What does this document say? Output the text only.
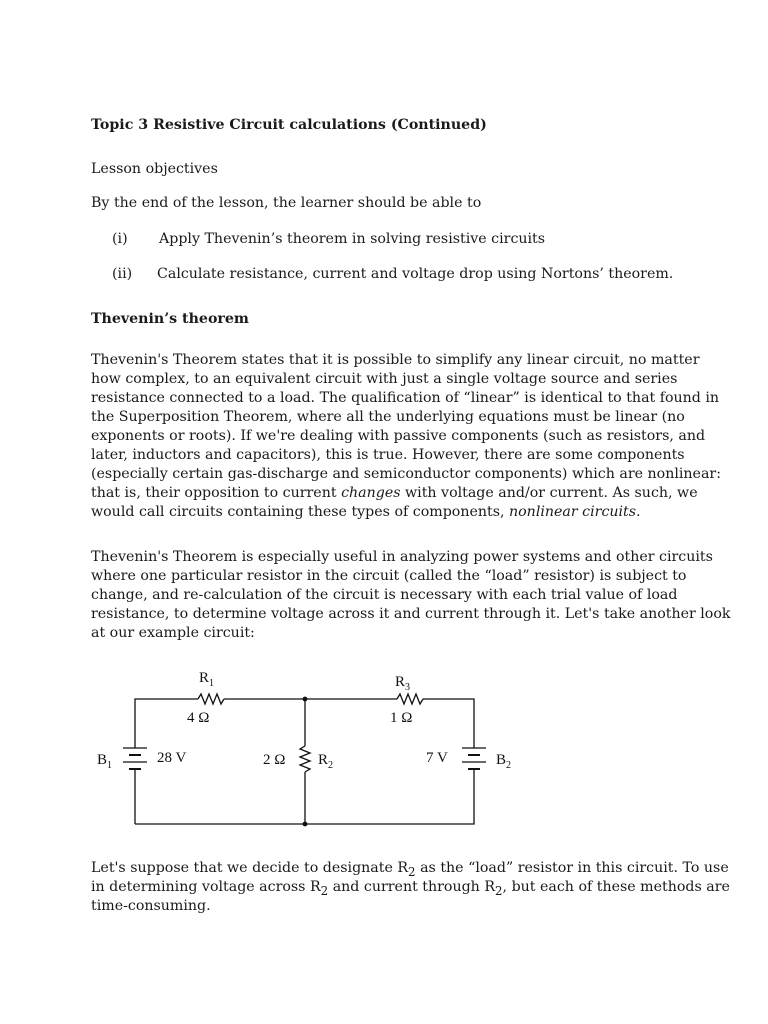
Topic 3 Resistive Circuit calculations (Continued)
Lesson objectives
By the end of the lesson, the learner should be able to
(i) Apply Thevenin’s theorem in solving resistive circuits
(ii) Calculate resistance, current and voltage drop using Nortons’ theorem.
Thevenin’s theorem
Thevenin's Theorem states that it is possible to simplify any linear circuit, no matter
how complex, to an equivalent circuit with just a single voltage source and series
resistance connected to a load. The qualification of “linear” is identical to that found in
the Superposition Theorem, where all the underlying equations must be linear (no
exponents or roots). If we're dealing with passive components (such as resistors, and
later, inductors and capacitors), this is true. However, there are some components
(especially certain gas-discharge and semiconductor components) which are nonlinear:
that is, their opposition to current changes with voltage and/or current. As such, we
would call circuits containing these types of components, nonlinear circuits.
Thevenin's Theorem is especially useful in analyzing power systems and other circuits
where one particular resistor in the circuit (called the “load” resistor) is subject to
change, and re-calculation of the circuit is necessary with each trial value of load
resistance, to determine voltage across it and current through it. Let's take another look
at our example circuit:
$R_1$
4 Ω
$R_3$
1 Ω
$B_1$	28 V	2 Ω $R_2$	7 V	$B_2$
Let's suppose that we decide to designate $R_2$ as the “load” resistor in this circuit. To use
in determining voltage across $R_2$ and current through $R_2$, but each of these methods are
time-consuming.
